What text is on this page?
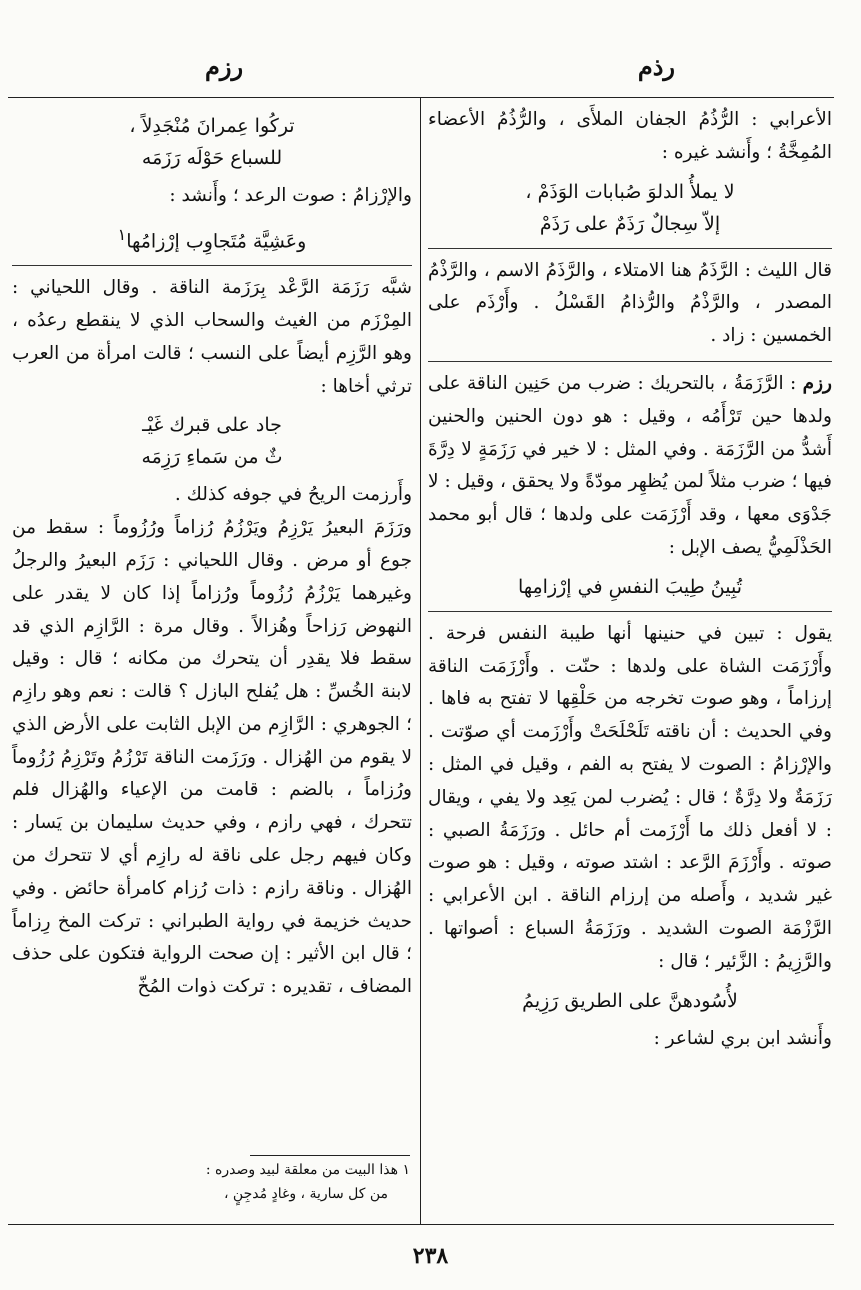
رزم	رذم

الأعرابي : الرُّذُمُ الجفان الملأَى ، والرُّذُمُ الأعضاء المُمِخَّةُ ؛ وأَنشد غيره :

لا يملأُ الدلوَ صُبابات الوَذَمْ ،
إلاّ سِجالٌ رَذَمٌ على رَذَمْ

قال الليث : الرَّذَمُ هنا الامتلاء ، والرَّذَمُ الاسم ، والرَّذْمُ المصدر ، والرَّذْمُ والرُّذامُ القَسْلُ . وأَرْذَم على الخمسين : زاد .

رزم : الرَّزَمَةُ ، بالتحريك : ضرب من حَنِين الناقة على ولدها حين تَرْأَمُه ، وقيل : هو دون الحنين والحنين أَشدُّ من الرَّزَمَة . وفي المثل : لا خير في رَزَمَةٍ لا دِرَّةَ فيها ؛ ضرب مثلاً لمن يُظهِر مودّةً ولا يحقق ، وقيل : لا جَدْوَى معها ، وقد أَرْزَمَت على ولدها ؛ قال أبو محمد الحَذْلَمِيُّ يصف الإبل :

تُبِينُ طِيبَ النفسِ في إرْزامِها

يقول : تبين في حنينها أنها طيبة النفس فرحة . وأَرْزَمَت الشاة على ولدها : حنّت . وأَرْزَمَت الناقة إرزاماً ، وهو صوت تخرجه من حَلْقِها لا تفتح به فاها . وفي الحديث : أن ناقته تَلَحْلَحَتْ وأَرْزَمت أي صوّتت . والإرْزامُ : الصوت لا يفتح به الفم ، وقيل في المثل : رَزَمَةٌ ولا دِرَّةٌ ؛ قال : يُضرب لمن يَعِد ولا يفي ، ويقال : لا أفعل ذلك ما أَرْزَمت أم حائل . ورَزَمَةُ الصبي : صوته . وأَرْزَمَ الرَّعد : اشتد صوته ، وقيل : هو صوت غير شديد ، وأَصله من إرزام الناقة . ابن الأعرابي : الرَّزْمَة الصوت الشديد . ورَزَمَةُ السباع : أصواتها . والرَّزِيمُ : الزَّئير ؛ قال :

لأُسُودهنَّ على الطريق رَزِيمُ

وأَنشد ابن بري لشاعر :

تركُوا عِمرانَ مُنْجَدِلاً ،
للسباع حَوْلَه رَزَمَه

والإرْزامُ : صوت الرعد ؛ وأَنشد :

وعَشِيَّة مُتَجاوِب إرْزامُها$^١$

شبَّه رَزَمَة الرَّعْد بِرَزَمة الناقة . وقال اللحياني : المِرْزَم من الغيث والسحاب الذي لا ينقطع رعدُه ، وهو الرَّزِم أيضاً على النسب ؛ قالت امرأة من العرب ترثي أخاها :

جاد على قبرك غَيْـ
ثٌ من سَماءِ رَزِمَه

وأَرزمت الريحُ في جوفه كذلك .

ورَزَمَ البعيرُ يَرْزِمُ ويَرْزُمُ رُزاماً ورُزُوماً : سقط من جوع أو مرض . وقال اللحياني : رَزَم البعيرُ والرجلُ وغيرهما يَرْزُمُ رُزُوماً ورُزاماً إذا كان لا يقدر على النهوض رَزاحاً وهُزالاً . وقال مرة : الرَّازِم الذي قد سقط فلا يقدِر أن يتحرك من مكانه ؛ قال : وقيل لابنة الخُسِّ : هل يُفلح البازل ؟ قالت : نعم وهو رازِم ؛ الجوهري : الرَّازِم من الإبل الثابت على الأرض الذي لا يقوم من الهُزال . ورَزَمت الناقة تَرْزُمُ وتَرْزِمُ رُزُوماً ورُزاماً ، بالضم : قامت من الإعياء والهُزال فلم تتحرك ، فهي رازم ، وفي حديث سليمان بن يَسار : وكان فيهم رجل على ناقة له رازِم أي لا تتحرك من الهُزال . وناقة رازم : ذات رُزام كامرأة حائض . وفي حديث خزيمة في رواية الطبراني : تركت المخ رِزاماً ؛ قال ابن الأثير : إن صحت الرواية فتكون على حذف المضاف ، تقديره : تركت ذوات المُخّ

١ هذا البيت من معلقة لبيد وصدره :
من كل سارية ، وغادٍ مُدجِنٍ ،
٢٣٨
